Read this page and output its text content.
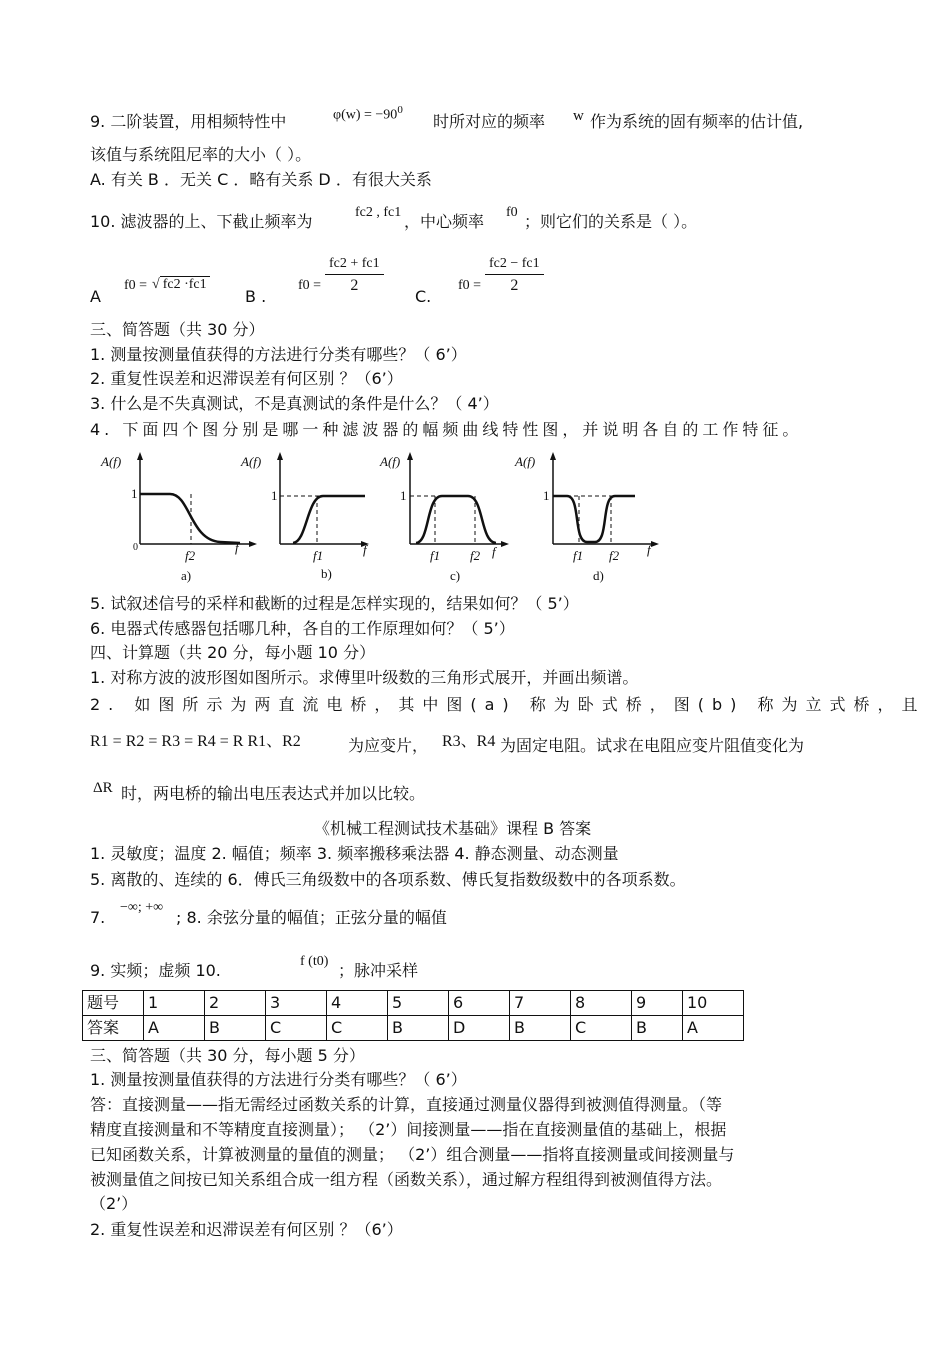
9. 二阶装置，用相频特性中	$\varphi(w) = -90^0$
时所对应的频率 w 作为系统的固有频率的估计值,
该值与系统阻尼率的大小（ ）。
A. 有关 B ．无关 C ．略有关系 D ．有很大关系
10. 滤波器的上、下截止频率为	fc2 , fc1 ，中心频率 f0 ；则它们的关系是（ ）。
A
f0 = √ fc2 ·fc1
B .
$f0 = \frac{fc2 + fc1}{2}$
C.
$f0 = \frac{fc2 - fc1}{2}$
三、简答题（共 30 分）
1. 测量按测量值获得的方法进行分类有哪些？（ 6’）
2. 重复性误差和迟滞误差有何区别 ？（6’）
3. 什么是不失真测试，不是真测试的条件是什么？（ 4’）
4. 下面四个图分别是哪一种滤波器的幅频曲线特性图，并说明各自的工作特征。
A(f)
1
0
f2
f
a)
A(f)
1
f1	f
b)
A(f)
1
f1 f2 f
c)
A(f)
1
f1 f2 f
d)
5. 试叙述信号的采样和截断的过程是怎样实现的，结果如何？（ 5’）
6. 电器式传感器包括哪几种，各自的工作原理如何？（ 5’）
四、计算题（共 20 分，每小题 10 分）
1. 对称方波的波形图如图所示。求傅里叶级数的三角形式展开，并画出频谱。
2. 如图所示为两直流电桥，其中图(a) 称为卧式桥，图(b) 称为立式桥，且
R1 = R2 = R3 = R4 = R R1、R2	为应变片， R3、R4 为固定电阻。试求在电阻应变片阻值变化为
ΔR 时，两电桥的输出电压表达式并加以比较。
《机械工程测试技术基础》课程 B 答案
1. 灵敏度；温度 2. 幅值；频率 3. 频率搬移乘法器 4. 静态测量、动态测量
5. 离散的、连续的 6．傅氏三角级数中的各项系数、傅氏复指数级数中的各项系数。
7.
−∞; +∞
; 8. 余弦分量的幅值；正弦分量的幅值
9. 实频；虚频 10.	f (t0) ；脉冲采样
题号	1	2	3	4	5	6	7	8	9	10
答案	A	B	C	C	B	D	B	C	B	A
三、简答题（共 30 分，每小题 5 分）
1. 测量按测量值获得的方法进行分类有哪些？（ 6’）
答：直接测量——指无需经过函数关系的计算，直接通过测量仪器得到被测值得测量。（等
精度直接测量和不等精度直接测量）； （2’）间接测量——指在直接测量值的基础上，根据
已知函数关系，计算被测量的量值的测量； （2’）组合测量——指将直接测量或间接测量与
被测量值之间按已知关系组合成一组方程（函数关系），通过解方程组得到被测值得方法。
（2’）
2. 重复性误差和迟滞误差有何区别 ？（6’）
